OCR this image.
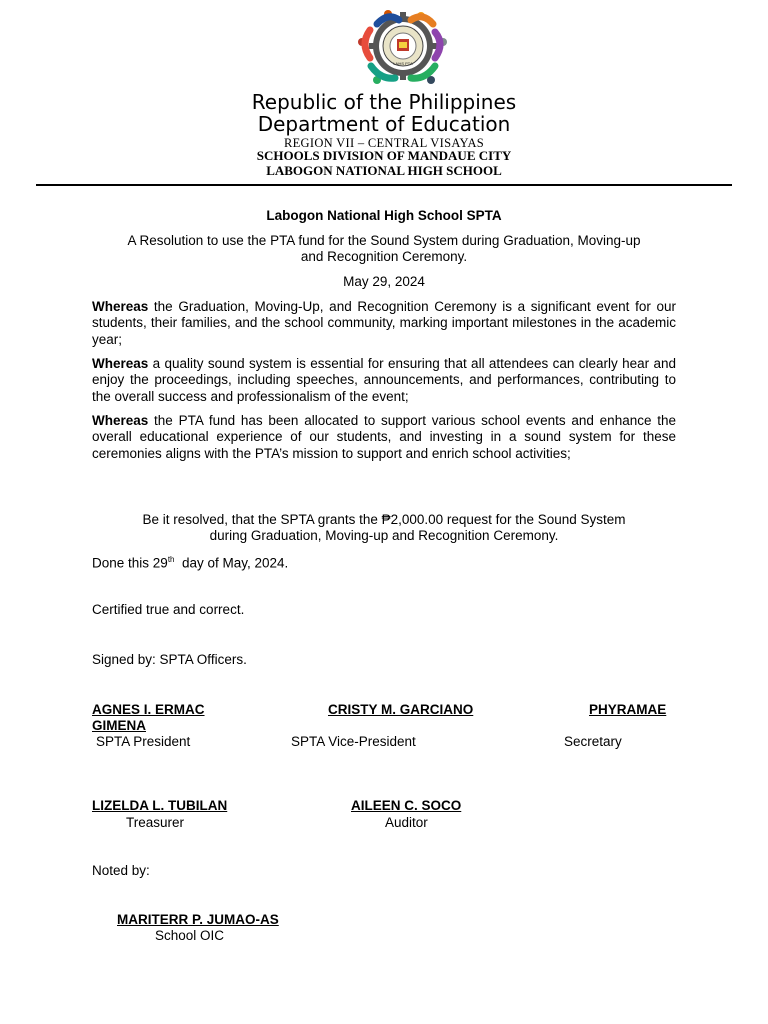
LNHS PTA
Republic of the Philippines
Department of Education
REGION VII – CENTRAL VISAYAS
SCHOOLS DIVISION OF MANDAUE CITY
LABOGON NATIONAL HIGH SCHOOL
Labogon National High School SPTA
A Resolution to use the PTA fund for the Sound System during Graduation, Moving-up
and Recognition Ceremony.
May 29, 2024
Whereas the Graduation, Moving-Up, and Recognition Ceremony is a significant event for our students, their families, and the school community, marking important milestones in the academic year;
Whereas a quality sound system is essential for ensuring that all attendees can clearly hear and enjoy the proceedings, including speeches, announcements, and performances, contributing to the overall success and professionalism of the event;
Whereas the PTA fund has been allocated to support various school events and enhance the overall educational experience of our students, and investing in a sound system for these ceremonies aligns with the PTA’s mission to support and enrich school activities;
Be it resolved, that the SPTA grants the ₱2,000.00 request for the Sound System
during Graduation, Moving-up and Recognition Ceremony.
Done this 29th  day of May, 2024.
Certified true and correct.
Signed by: SPTA Officers.
AGNES I. ERMAC	CRISTY M. GARCIANO	PHYRAMAE
GIMENA
SPTA President	SPTA Vice-President	Secretary
LIZELDA L. TUBILAN	AILEEN C. SOCO
Treasurer	Auditor
Noted by:
MARITERR P. JUMAO-AS
School OIC
